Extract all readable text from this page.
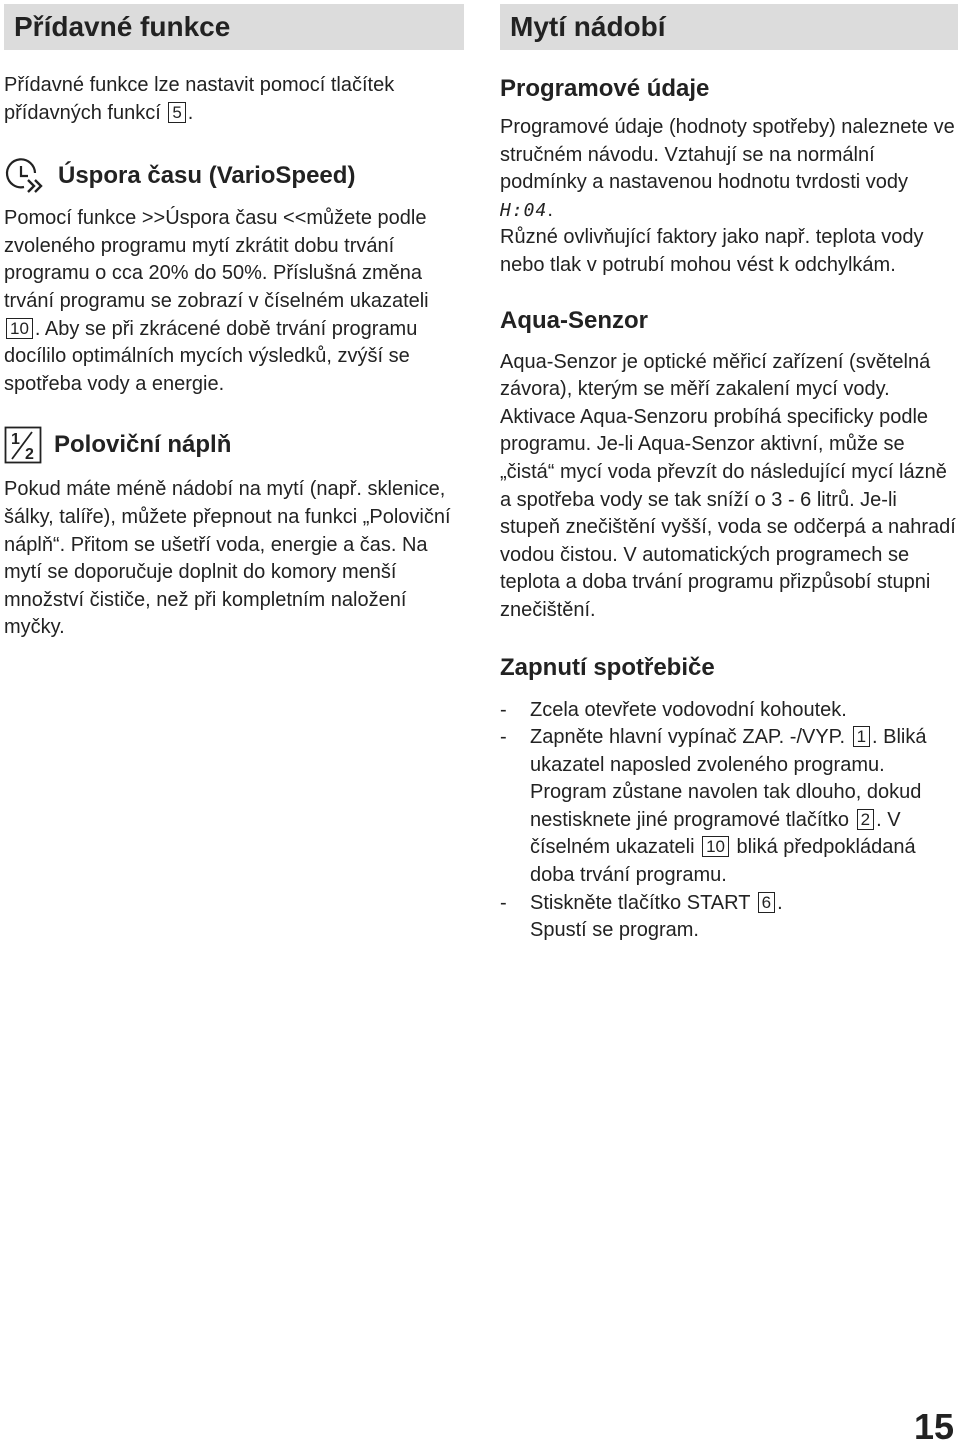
Přídavné funkce

Přídavné funkce lze nastavit pomocí tlačítek přídavných funkcí 5 .

Úspora času (VarioSpeed)

Pomocí funkce >>Úspora času <<můžete podle zvoleného programu mytí zkrátit dobu trvání programu o cca 20% do 50%. Příslušná změna trvání programu se zobrazí v číselném ukazateli 10 . Aby se při zkrácené době trvání programu docílilo optimálních mycích výsledků, zvýší se spotřeba vody a energie.

1
2 Poloviční náplň

Pokud máte méně nádobí na mytí (např. sklenice, šálky, talíře), můžete přepnout na funkci „Poloviční náplň“. Přitom se ušetří voda, energie a čas. Na mytí se doporučuje doplnit do komory menší množství čističe, než při kompletním naložení myčky.

Mytí nádobí
Programové údaje

Programové údaje (hodnoty spotřeby) naleznete ve stručném návodu. Vztahují se na normální podmínky a nastavenou hodnotu tvrdosti vody H:04.

Různé ovlivňující faktory jako např. teplota vody nebo tlak v potrubí mohou vést k odchylkám.

Aqua-Senzor

Aqua-Senzor je optické měřicí zařízení (světelná závora), kterým se měří zakalení mycí vody.

Aktivace Aqua-Senzoru probíhá specificky podle programu. Je-li Aqua-Senzor aktivní, může se „čistá“ mycí voda převzít do následující mycí lázně a spotřeba vody se tak sníží o 3 - 6 litrů. Je-li stupeň znečištění vyšší, voda se odčerpá a nahradí vodou čistou. V automatických programech se teplota a doba trvání programu přizpůsobí stupni znečištění.

Zapnutí spotřebiče
- Zcela otevřete vodovodní kohoutek.
- Zapněte hlavní vypínač ZAP. -/VYP. 1 . Bliká ukazatel naposled zvoleného programu. Program zůstane navolen tak dlouho, dokud nestisknete jiné programové tlačítko 2 . V číselném ukazateli 10 bliká předpokládaná doba trvání programu.
- Stiskněte tlačítko START 6 .
Spustí se program.
15
